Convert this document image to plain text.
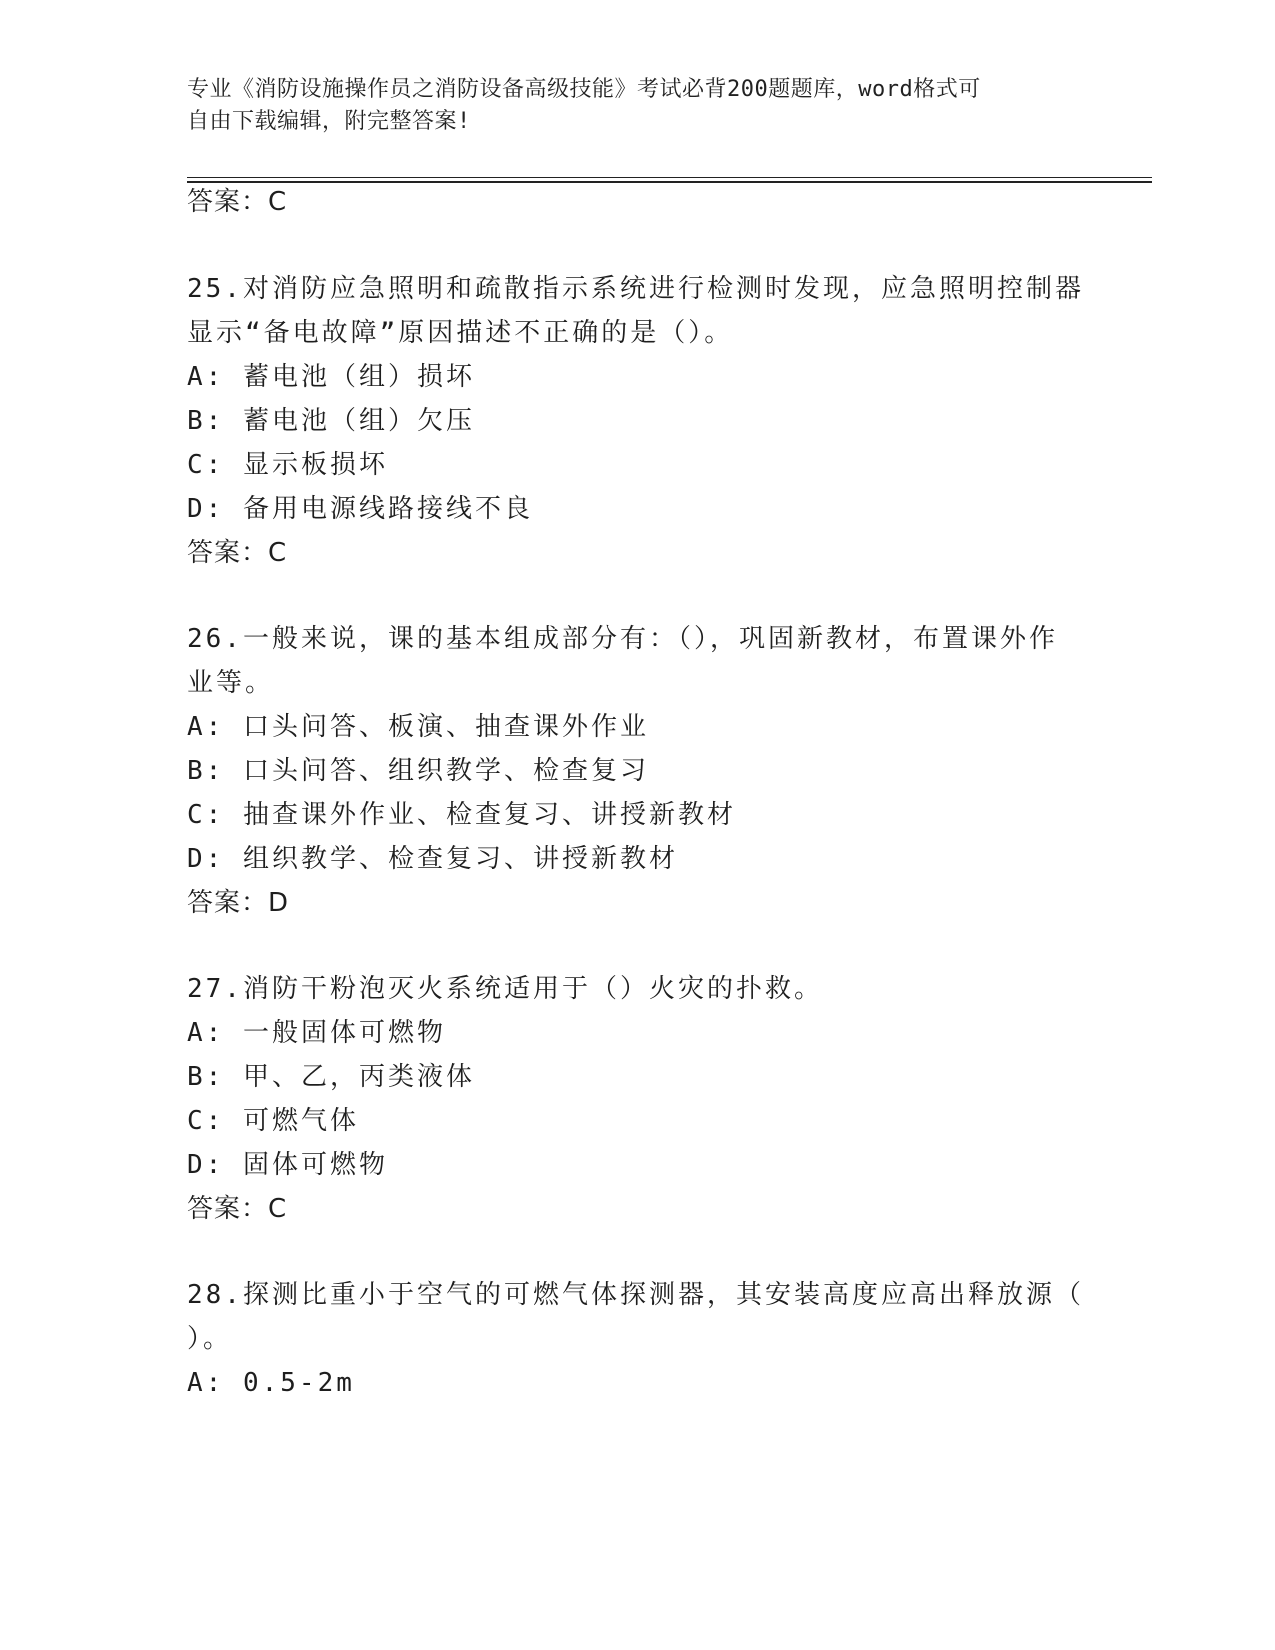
专业《消防设施操作员之消防设备高级技能》考试必背200题题库，word格式可
自由下载编辑，附完整答案!
答案：C
25.对消防应急照明和疏散指示系统进行检测时发现，应急照明控制器
显示“备电故障”原因描述不正确的是（）。
A: 蓄电池（组）损坏
B: 蓄电池（组）欠压
C: 显示板损坏
D: 备用电源线路接线不良
答案：C
26.一般来说，课的基本组成部分有：（），巩固新教材，布置课外作
业等。
A: 口头问答、板演、抽查课外作业
B: 口头问答、组织教学、检查复习
C: 抽查课外作业、检查复习、讲授新教材
D: 组织教学、检查复习、讲授新教材
答案：D
27.消防干粉泡灭火系统适用于（）火灾的扑救。
A: 一般固体可燃物
B: 甲、乙，丙类液体
C: 可燃气体
D: 固体可燃物
答案：C
28.探测比重小于空气的可燃气体探测器，其安装高度应高出释放源（
）。
A: 0.5-2m
